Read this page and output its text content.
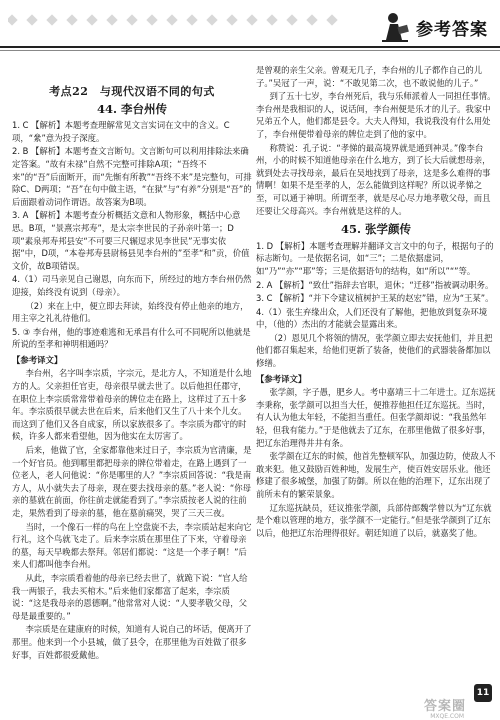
参考答案
考点22　与现代汉语不同的句式
44. 李台州传

1. C 【解析】本题考查理解常见文言实词在文中的含义。C项，“絫”意为投子深度。

2. B 【解析】本题考查文言断句。文言断句可以利用排除法来确定答案。“故有未禄”自然不完整可排除A项；“吾终不来”的“吾”后面断开，而“先惭有所教”“吾终不来”是完整句，可排除C、D两项；“吾”在句中做主语，“在狱”与“有养”分别是“吾”的后面跟着动词作谓语。故答案为B项。

3. A 【解析】本题考查分析概括文意和人物形象，概括中心意思。B项，“景熹宗邦寿”，是太宗李世民的子孙亲叶第一；D项“素泉邦寿邦县安“不可要三尺辗逗求见李世民”无事实依据“中，D项，“本卷邦寿县尉杨县见李台州的”至孝“和”贡，价值文价，故B项错误。

4.（1）司马亲见自己谢恩，向东而下，所经过的地方李台州仍然迎接，始终没有说到（母亲）。

（2）来在上中，便立即去拜读，始终没有停止他亲的地方，用主宰之礼礼待他们。

5. ③ 李台州，他的事迹难逃和无承昌有什么可不同呢所以他就是所说的至孝和神明相通吗？

【参考译文】

李台州，名字叫李宗质，字宗元，是北方人，不知道是什么地方的人。父亲担任官吏，母亲很早就去世了。以后他担任郡守，在职位上李宗质常常带着母亲的牌位走在路上，这样过了五十多年。李宗质很早就去世在后来，后来他们又生了八十来个儿女。而这到了他们又各自成家，所以家族很多了。李宗质为郡守的时候，许多人都来看望他，因为他实在太厉害了。

后来，他做了官，全家都靠他来过日子，李宗质为官清廉，是一个好官员。他到哪里都把母亲的牌位带着走，在路上遇到了一位老人，老人问他说：“你是哪里的人？”李宗质回答说：“我是南方人，从小就失去了母亲，现在要去找母亲的墓。”老人说：“你母亲的墓就在前面，你往前走就能看到了。”李宗质按老人说的往前走，果然看到了母亲的墓，他在墓前痛哭，哭了三天三夜。

当时，一个像石一样的鸟在上空盘旋不去，李宗质站起来向它行礼，这个鸟就飞走了。后来李宗质在那里住了下来，守着母亲的墓，每天早晚都去祭拜。邻居们都说：“这是一个孝子啊！”后来人们都叫他李台州。

从此，李宗质看着他的母亲已经去世了，就跪下说：“官人给我一两银子，我去买棺木。”后来他们家都富了起来，李宗质说：“这是我母亲的恩德啊。”他常常对人说：“人要孝敬父母，父母是最重要的。”

李宗质是在建康府的时候，知道有人说自己的坏话，便离开了那里。他来到一个小县城，做了县令，在那里他为百姓做了很多好事，百姓都很爱戴他。

是曾观的亲生父亲。曾观无几子，李台州的儿子都作自己的儿子。”吴冠了一声，说：“不敢见第二次，也不敢说他的儿子。”

到了五十七岁，李台州死后，我与乐师派着人一同担任事情。李台州是我相识的人，说话间，李台州便是乐才的儿子。我家中兄弟五个人，他们都是县令。大夫人得知，我说我没有什么用处了，李台州便带着母亲的牌位走到了他的家中。

称赞说：孔子说：“孝悌的最高境界就是通到神灵。”像李台州，小的时候不知道他母亲在什么地方，到了长大后就想母亲，就到处去寻找母亲，最后在吴地找到了母亲，这是多么难得的事情啊！如果不是至孝的人，怎么能做到这样呢？所以说孝悌之至，可以通于神明。所谓至孝，就是尽心尽力地孝敬父母，而且还要让父母高兴。李台州就是这样的人。

45. 张学颜传

1. D 【解析】本题考查理解并翻译文言文中的句子，根据句子的标志断句。一是依据名词，如“三”；二是依据虚词，如“乃”“亦”“耶”等；三是依据语句的结构，如“所以”“”等。

2. A 【解析】“致仕”指辞去官职，退休；“迁移”指被调动职务。

3. C 【解析】“并下令建议植树护王某的赵宏”错，应为“王某”。

4.（1）张生弃缘出众，人们还没有了解他，把他放到复杂环境中，（他的）杰出的才能就会显露出来。

（2）恩见几个将领的情况，张学颜立即去安抚他们，并且把他们都召集起来，给他们更新了装备，使他们的武器装备都加以修缮。

【参考译文】

张学颜，字子愚，肥乡人。考中嘉靖三十二年进士。辽东巡抚李秉称，张学颜可以担当大任，便推荐他担任辽东巡抚。当时，有人认为他太年轻，不能担当重任。但张学颜却说：“我虽然年轻，但我有能力。”于是他就去了辽东，在那里他做了很多好事，把辽东治理得井井有条。

张学颜在辽东的时候，他首先整顿军队，加强边防，使敌人不敢来犯。他又鼓励百姓种地，发展生产，使百姓安居乐业。他还修建了很多城堡，加强了防御。所以在他的治理下，辽东出现了前所未有的繁荣景象。

辽东巡抚缺员，廷议推张学颜，兵部侍郎魏学曾以为“辽东就是个难以管理的地方，张学颜不一定能行。”但是张学颜到了辽东以后，他把辽东治理得很好。朝廷知道了以后，就嘉奖了他。

答案圈
MXQE.COM
11
